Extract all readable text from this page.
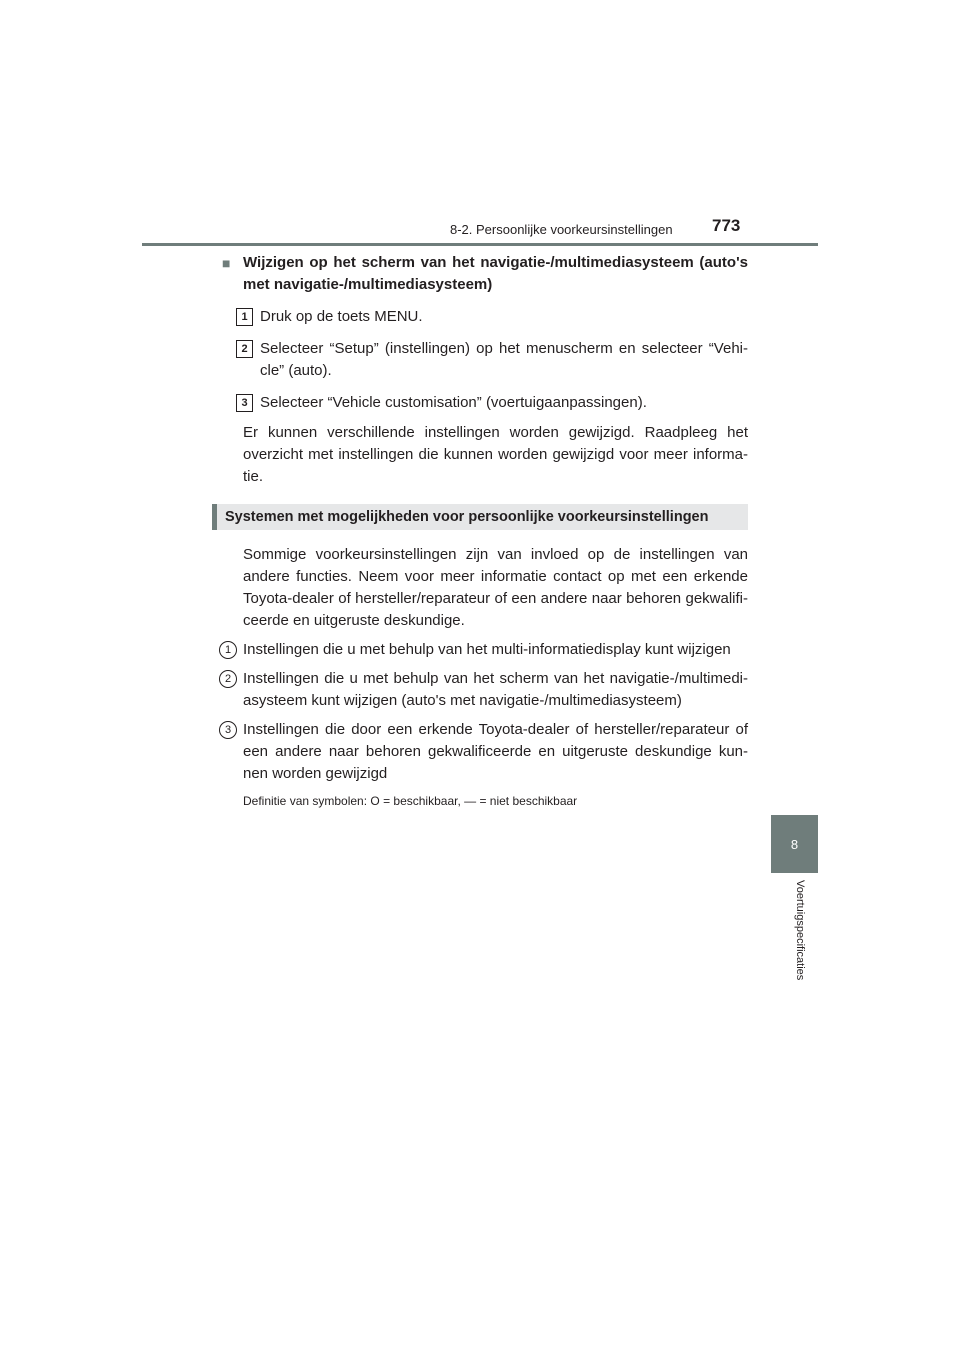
8-2. Persoonlijke voorkeursinstellingen	773
8
Voertuigspecificaties
■ Wijzigen op het scherm van het navigatie-/multimediasysteem (auto's met navigatie-/multimediasysteem)
1 Druk op de toets MENU.
2 Selecteer “Setup” (instellingen) op het menuscherm en selecteer “Vehi-cle” (auto).
3 Selecteer “Vehicle customisation” (voertuigaanpassingen).
Er kunnen verschillende instellingen worden gewijzigd. Raadpleeg het overzicht met instellingen die kunnen worden gewijzigd voor meer informa-tie.
Systemen met mogelijkheden voor persoonlijke voorkeursinstellingen
Sommige voorkeursinstellingen zijn van invloed op de instellingen van andere functies. Neem voor meer informatie contact op met een erkende Toyota-dealer of hersteller/reparateur of een andere naar behoren gekwalifi-ceerde en uitgeruste deskundige.
1 Instellingen die u met behulp van het multi-informatiedisplay kunt wijzigen
2 Instellingen die u met behulp van het scherm van het navigatie-/multimedi-asysteem kunt wijzigen (auto's met navigatie-/multimediasysteem)
3 Instellingen die door een erkende Toyota-dealer of hersteller/reparateur of een andere naar behoren gekwalificeerde en uitgeruste deskundige kun-nen worden gewijzigd
Definitie van symbolen: O = beschikbaar, — = niet beschikbaar
